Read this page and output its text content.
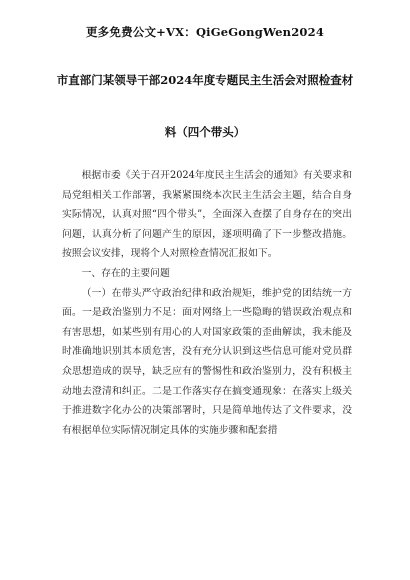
更多免费公文+VX：QiGeGongWen2024
市直部门某领导干部2024年度专题民主生活会对照检查材
料（四个带头）

根据市委《关于召开2024年度民主生活会的通知》有关要求和局党组相关工作部署，我紧紧围绕本次民主生活会主题，结合自身实际情况，认真对照“四个带头”，全面深入查摆了自身存在的突出问题，认真分析了问题产生的原因，逐项明确了下一步整改措施。按照会议安排，现将个人对照检查情况汇报如下。

一、存在的主要问题

（一）在带头严守政治纪律和政治规矩，维护党的团结统一方面。一是政治鉴别力不足：面对网络上一些隐晦的错误政治观点和有害思想，如某些别有用心的人对国家政策的歪曲解读，我未能及时准确地识别其本质危害，没有充分认识到这些信息可能对党员群众思想造成的误导，缺乏应有的警惕性和政治鉴别力，没有积极主动地去澄清和纠正。二是工作落实存在搞变通现象：在落实上级关于推进数字化办公的决策部署时，只是简单地传达了文件要求，没有根据单位实际情况制定具体的实施步骤和配套措
